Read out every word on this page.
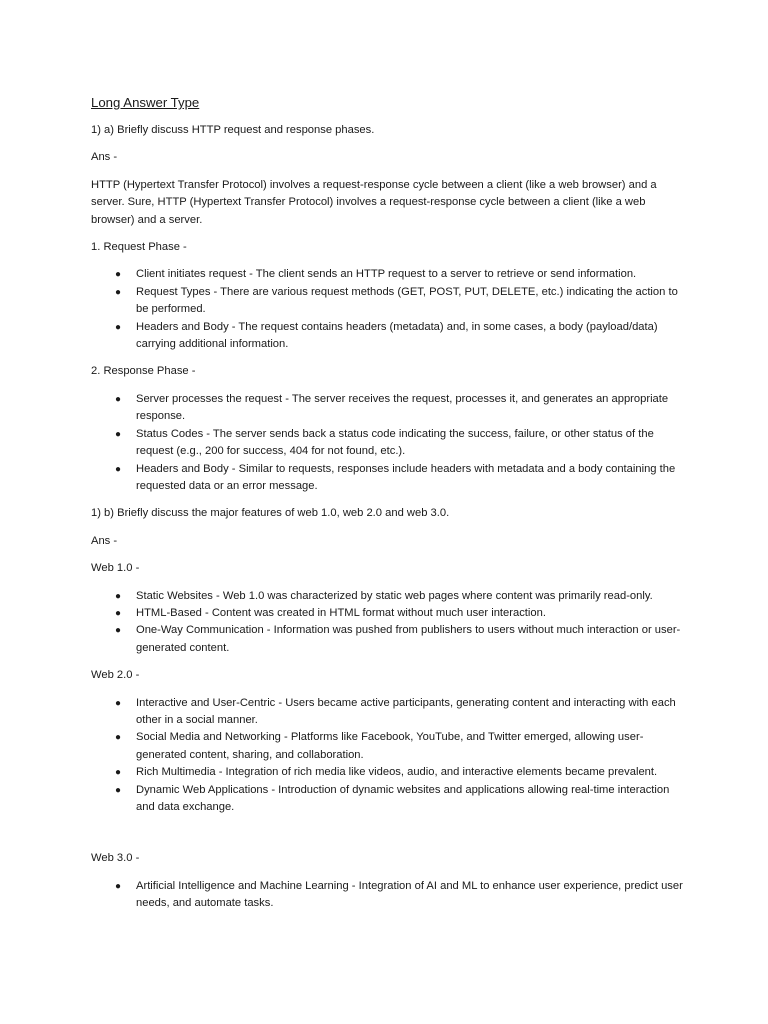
Long Answer Type

1) a) Briefly discuss HTTP request and response phases.

Ans -

HTTP (Hypertext Transfer Protocol) involves a request-response cycle between a client (like a web browser) and a server. Sure, HTTP (Hypertext Transfer Protocol) involves a request-response cycle between a client (like a web browser) and a server.

1. Request Phase -

● Client initiates request - The client sends an HTTP request to a server to retrieve or send information.
● Request Types - There are various request methods (GET, POST, PUT, DELETE, etc.) indicating the action to be performed.
● Headers and Body - The request contains headers (metadata) and, in some cases, a body (payload/data) carrying additional information.

2. Response Phase -

● Server processes the request - The server receives the request, processes it, and generates an appropriate response.
● Status Codes - The server sends back a status code indicating the success, failure, or other status of the request (e.g., 200 for success, 404 for not found, etc.).
● Headers and Body - Similar to requests, responses include headers with metadata and a body containing the requested data or an error message.

1) b) Briefly discuss the major features of web 1.0, web 2.0 and web 3.0.

Ans -

Web 1.0 -

● Static Websites - Web 1.0 was characterized by static web pages where content was primarily read-only.
● HTML-Based - Content was created in HTML format without much user interaction.
● One-Way Communication - Information was pushed from publishers to users without much interaction or user-generated content.

Web 2.0 -

● Interactive and User-Centric - Users became active participants, generating content and interacting with each other in a social manner.
● Social Media and Networking - Platforms like Facebook, YouTube, and Twitter emerged, allowing user-generated content, sharing, and collaboration.
● Rich Multimedia - Integration of rich media like videos, audio, and interactive elements became prevalent.
● Dynamic Web Applications - Introduction of dynamic websites and applications allowing real-time interaction and data exchange.

Web 3.0 -

● Artificial Intelligence and Machine Learning - Integration of AI and ML to enhance user experience, predict user needs, and automate tasks.
